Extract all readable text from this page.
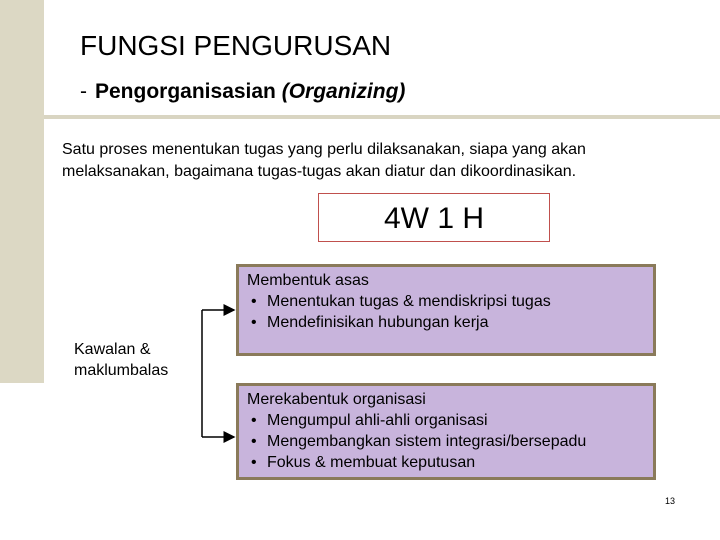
FUNGSI PENGURUSAN
- Pengorganisasian (Organizing)
Satu proses menentukan tugas yang perlu dilaksanakan, siapa yang akan melaksanakan, bagaimana tugas-tugas akan diatur dan dikoordinasikan.
4W 1 H
Kawalan & maklumbalas
Membentuk asas
• Menentukan tugas & mendiskripsi tugas
• Mendefinisikan hubungan kerja
Merekabentuk organisasi
• Mengumpul ahli-ahli organisasi
• Mengembangkan sistem integrasi/bersepadu
• Fokus & membuat keputusan
13
